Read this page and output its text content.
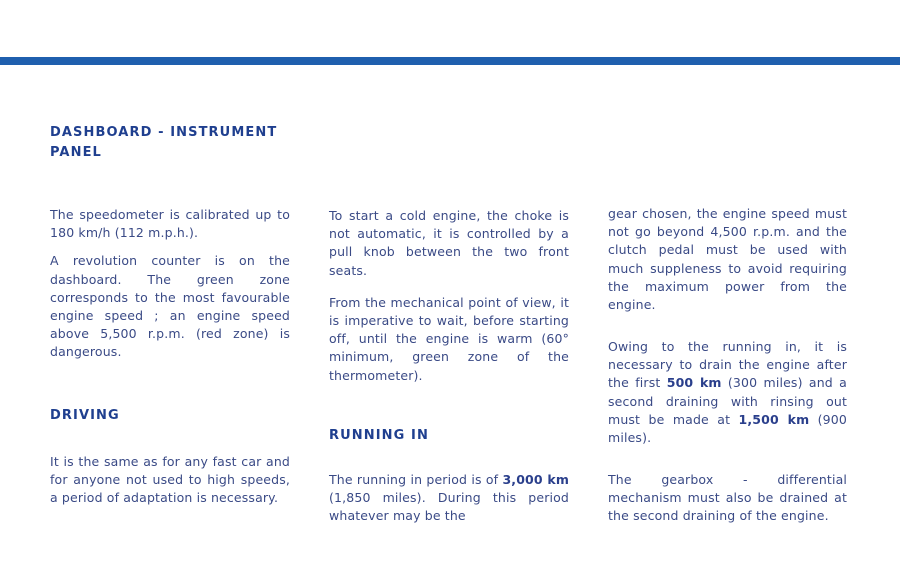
DASHBOARD - INSTRUMENT PANEL

The speedometer is calibrated up to 180 km/h (112 m.p.h.).

A revolution counter is on the dashboard. The green zone corresponds to the most favourable engine speed ; an engine speed above 5,500 r.p.m. (red zone) is dangerous.

DRIVING

It is the same as for any fast car and for anyone not used to high speeds, a period of adaptation is necessary.

To start a cold engine, the choke is not automatic, it is controlled by a pull knob between the two front seats.

From the mechanical point of view, it is imperative to wait, before starting off, until the engine is warm (60° minimum, green zone of the thermometer).

RUNNING IN

The running in period is of 3,000 km (1,850 miles). During this period whatever may be the

gear chosen, the engine speed must not go beyond 4,500 r.p.m. and the clutch pedal must be used with much suppleness to avoid requiring the maximum power from the engine.

Owing to the running in, it is necessary to drain the engine after the first 500 km (300 miles) and a second draining with rinsing out must be made at 1,500 km (900 miles).

The gearbox - differential mechanism must also be drained at the second draining of the engine.
